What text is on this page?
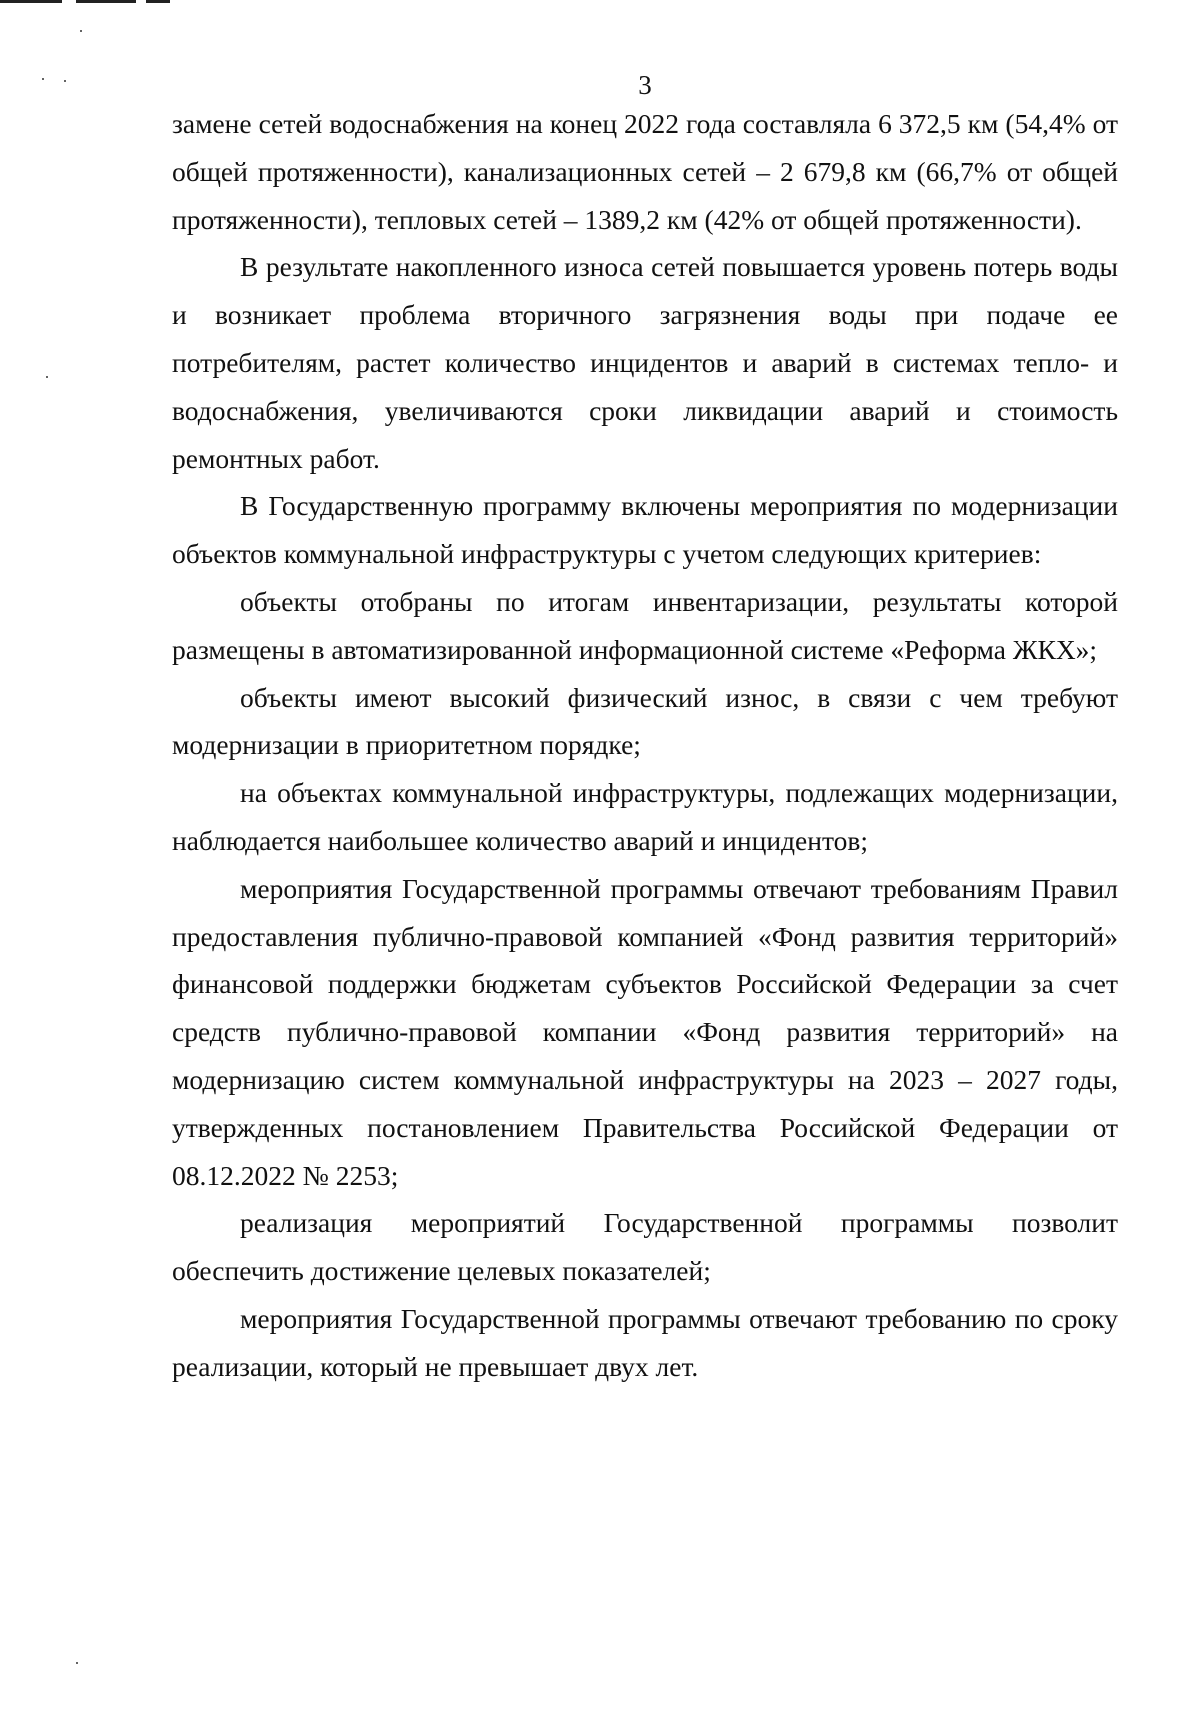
3

замене сетей водоснабжения на конец 2022 года составляла 6 372,5 км (54,4% от общей протяженности), канализационных сетей – 2 679,8 км (66,7% от общей протяженности), тепловых сетей – 1389,2 км (42% от общей протяженности).

В результате накопленного износа сетей повышается уровень потерь воды и возникает проблема вторичного загрязнения воды при подаче ее потребителям, растет количество инцидентов и аварий в системах тепло- и водоснабжения, увеличиваются сроки ликвидации аварий и стоимость ремонтных работ.

В Государственную программу включены мероприятия по модернизации объектов коммунальной инфраструктуры с учетом следующих критериев:

объекты отобраны по итогам инвентаризации, результаты которой размещены в автоматизированной информационной системе «Реформа ЖКХ»;

объекты имеют высокий физический износ, в связи с чем требуют модернизации в приоритетном порядке;

на объектах коммунальной инфраструктуры, подлежащих модернизации, наблюдается наибольшее количество аварий и инцидентов;

мероприятия Государственной программы отвечают требованиям Правил предоставления публично-правовой компанией «Фонд развития территорий» финансовой поддержки бюджетам субъектов Российской Федерации за счет средств публично-правовой компании «Фонд развития территорий» на модернизацию систем коммунальной инфраструктуры на 2023 – 2027 годы, утвержденных постановлением Правительства Российской Федерации от 08.12.2022 № 2253;

реализация мероприятий Государственной программы позволит обеспечить достижение целевых показателей;

мероприятия Государственной программы отвечают требованию по сроку реализации, который не превышает двух лет.
